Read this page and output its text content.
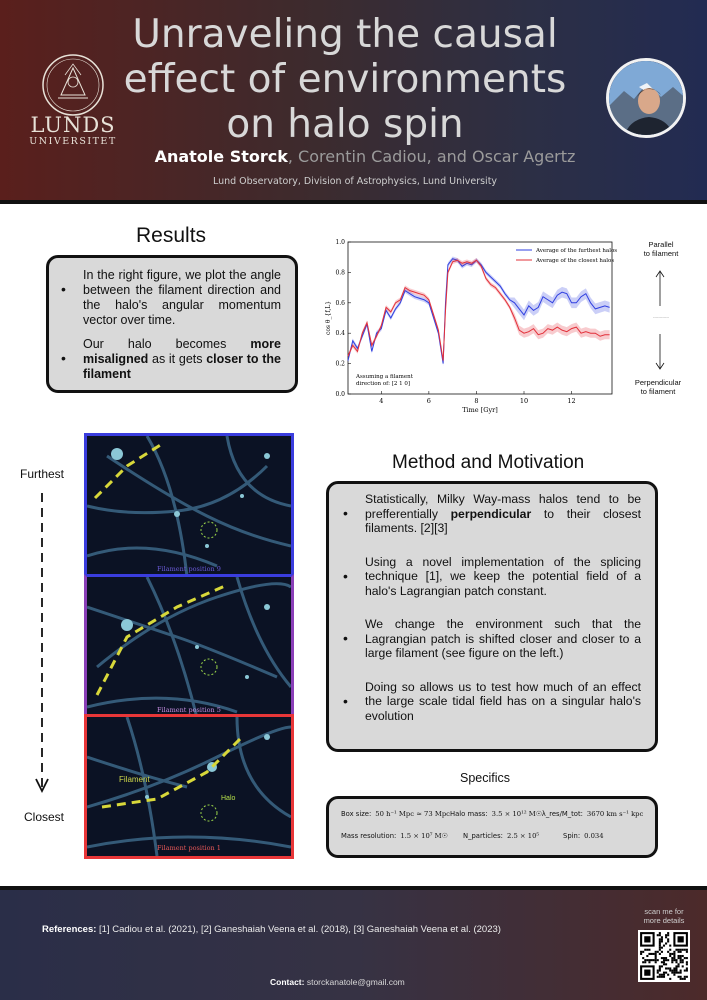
LUNDS
UNIVERSITET
Unraveling the causal
effect of environments
on halo spin
Anatole Storck, Corentin Cadiou, and Oscar Agertz
Lund Observatory, Division of Astrophysics, Lund University
Results
• In the right figure, we plot the angle between the filament direction and the halo's angular momentum vector over time.
• Our halo becomes more misaligned as it gets closer to the filament
4	6	8	10	12
0.0
0.2
0.4
0.6
0.8
1.0
Time [Gyr]
cos θ_{f,L}
Average of the furthest halos
Average of the closest halos
Assuming a filament
direction of: [2 1 0]
Parallel
to filament
------------
Perpendicular
to filament
Furthest
Closest
Filament position 9
Filament position 5
Filament
Halo
Filament position 1
Method and Motivation
• Statistically, Milky Way-mass halos tend to be prefferentially perpendicular to their closest filaments. [2][3]
• Using a novel implementation of the splicing technique [1], we keep the potential field of a halo's Lagrangian patch constant.
• We change the environment such that the Lagrangian patch is shifted closer and closer to a large filament (see figure on the left.)
• Doing so allows us to test how much of an effect the large scale tidal field has on a singular halo's evolution
Specifics
Box size: 50 h⁻¹ Mpc ≈ 73 Mpc Halo mass: 3.5 × 10¹² M☉ λ_res/M_tot: 3670 km s⁻¹ kpc
Mass resolution: 1.5 × 10⁷ M☉	N_particles: 2.5 × 10⁵	Spin: 0.034
References: [1] Cadiou et al. (2021), [2] Ganeshaiah Veena et al. (2018), [3] Ganeshaiah Veena et al. (2023)
Contact: storckanatole@gmail.com
scan me for
more details
